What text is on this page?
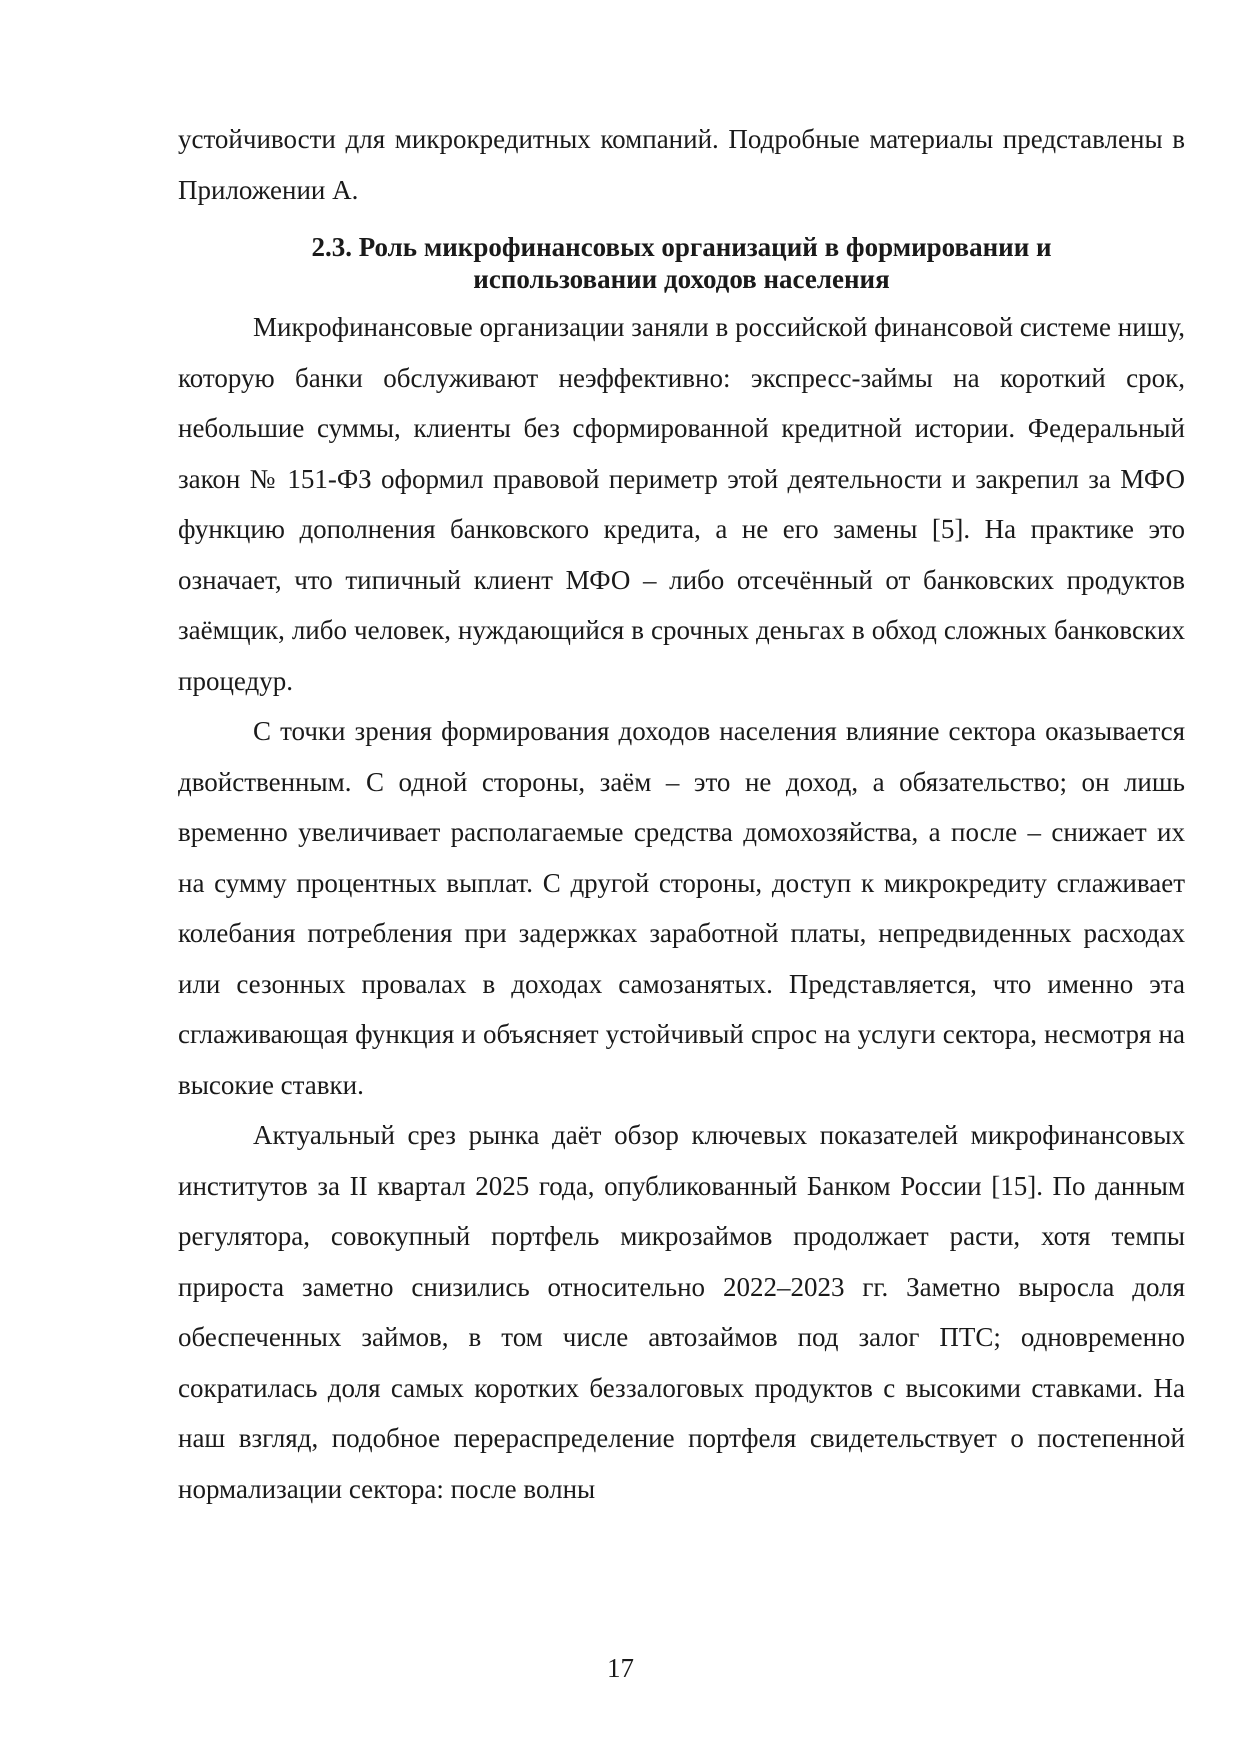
устойчивости для микрокредитных компаний. Подробные материалы представлены в Приложении А.

2.3. Роль микрофинансовых организаций в формировании и
использовании доходов населения

Микрофинансовые организации заняли в российской финансовой системе нишу, которую банки обслуживают неэффективно: экспресс-займы на короткий срок, небольшие суммы, клиенты без сформированной кредитной истории. Федеральный закон № 151-ФЗ оформил правовой периметр этой деятельности и закрепил за МФО функцию дополнения банковского кредита, а не его замены [5]. На практике это означает, что типичный клиент МФО – либо отсечённый от банковских продуктов заёмщик, либо человек, нуждающийся в срочных деньгах в обход сложных банковских процедур.

С точки зрения формирования доходов населения влияние сектора оказывается двойственным. С одной стороны, заём – это не доход, а обязательство; он лишь временно увеличивает располагаемые средства домохозяйства, а после – снижает их на сумму процентных выплат. С другой стороны, доступ к микрокредиту сглаживает колебания потребления при задержках заработной платы, непредвиденных расходах или сезонных провалах в доходах самозанятых. Представляется, что именно эта сглаживающая функция и объясняет устойчивый спрос на услуги сектора, несмотря на высокие ставки.

Актуальный срез рынка даёт обзор ключевых показателей микрофинансовых институтов за II квартал 2025 года, опубликованный Банком России [15]. По данным регулятора, совокупный портфель микрозаймов продолжает расти, хотя темпы прироста заметно снизились относительно 2022–2023 гг. Заметно выросла доля обеспеченных займов, в том числе автозаймов под залог ПТС; одновременно сократилась доля самых коротких беззалоговых продуктов с высокими ставками. На наш взгляд, подобное перераспределение портфеля свидетельствует о постепенной нормализации сектора: после волны

17
